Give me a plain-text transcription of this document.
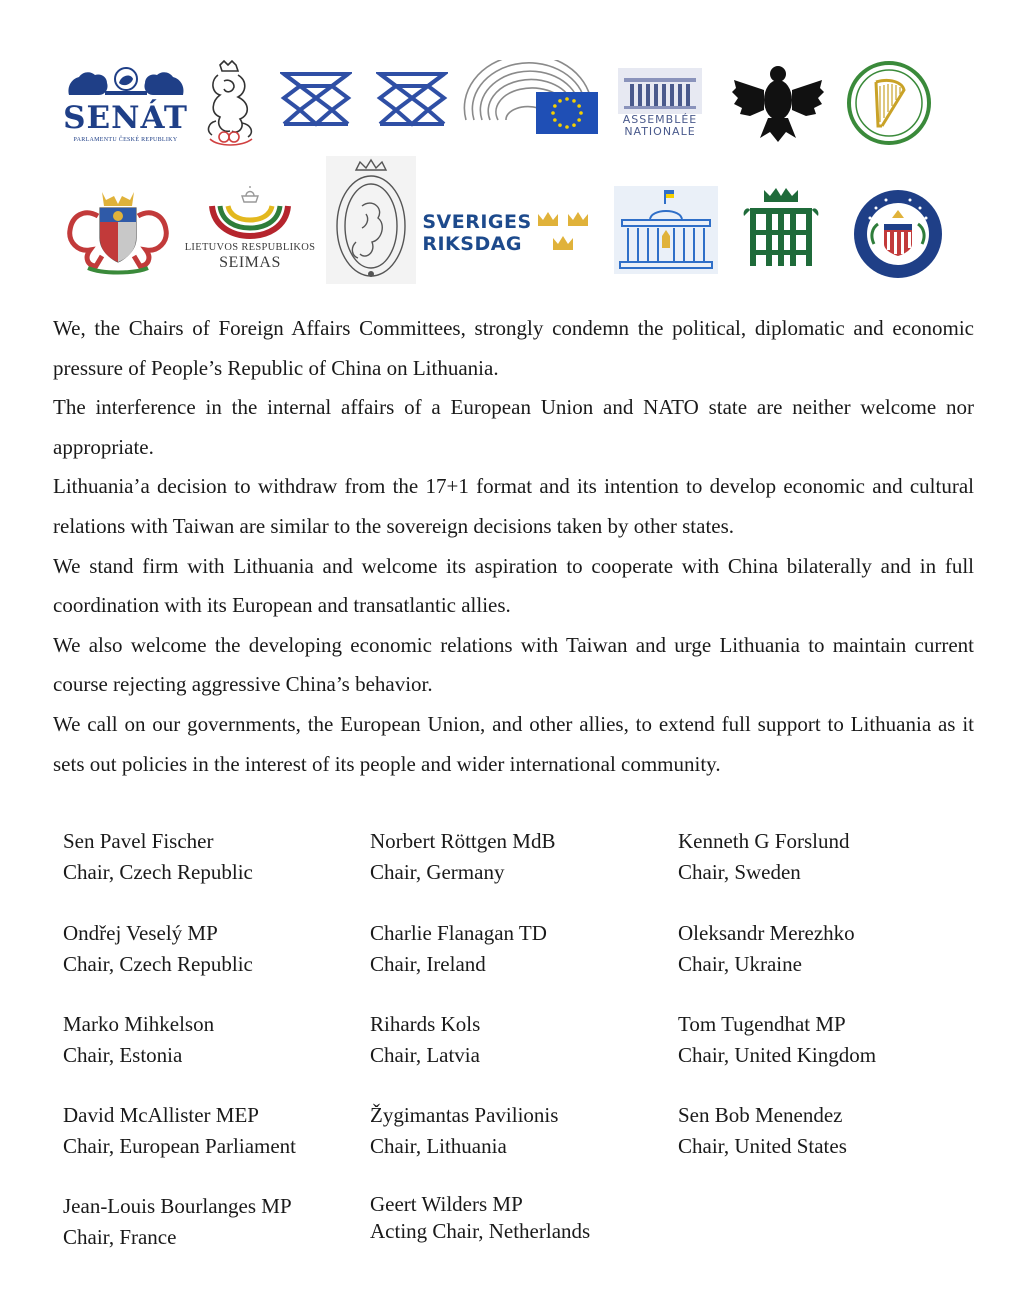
SENÁT
PARLAMENTU ČESKÉ REPUBLIKY
ASSEMBLÉE
NATIONALE
LIETUVOS RESPUBLIKOS
SEIMAS
SVERIGES
RIKSDAG

We, the Chairs of Foreign Affairs Committees, strongly condemn the political, diplomatic and economic pressure of People’s Republic of China on Lithuania.

The interference in the internal affairs of a European Union and NATO state are neither welcome nor appropriate.

Lithuania’a decision to withdraw from the 17+1 format and its intention to develop economic and cultural relations with Taiwan are similar to the sovereign decisions taken by other states.

We stand firm with Lithuania and welcome its aspiration to cooperate with China bilaterally and in full coordination with its European and transatlantic allies.

We also welcome the developing economic relations with Taiwan and urge Lithuania to maintain current course rejecting aggressive China’s behavior.

We call on our governments, the European Union, and other allies, to extend full support to Lithuania as it sets out policies in the interest of its people and wider international community.

Sen Pavel Fischer
Chair, Czech Republic
Norbert Röttgen MdB
Chair, Germany
Kenneth G Forslund
Chair, Sweden
Ondřej Veselý MP
Chair, Czech Republic
Charlie Flanagan TD
Chair, Ireland
Oleksandr Merezhko
Chair, Ukraine
Marko Mihkelson
Chair, Estonia
Rihards Kols
Chair, Latvia
Tom Tugendhat MP
Chair, United Kingdom
David McAllister MEP
Chair, European Parliament
Žygimantas Pavilionis
Chair, Lithuania
Sen Bob Menendez
Chair, United States
Jean-Louis Bourlanges MP
Chair, France
Geert Wilders MP
Acting Chair, Netherlands
